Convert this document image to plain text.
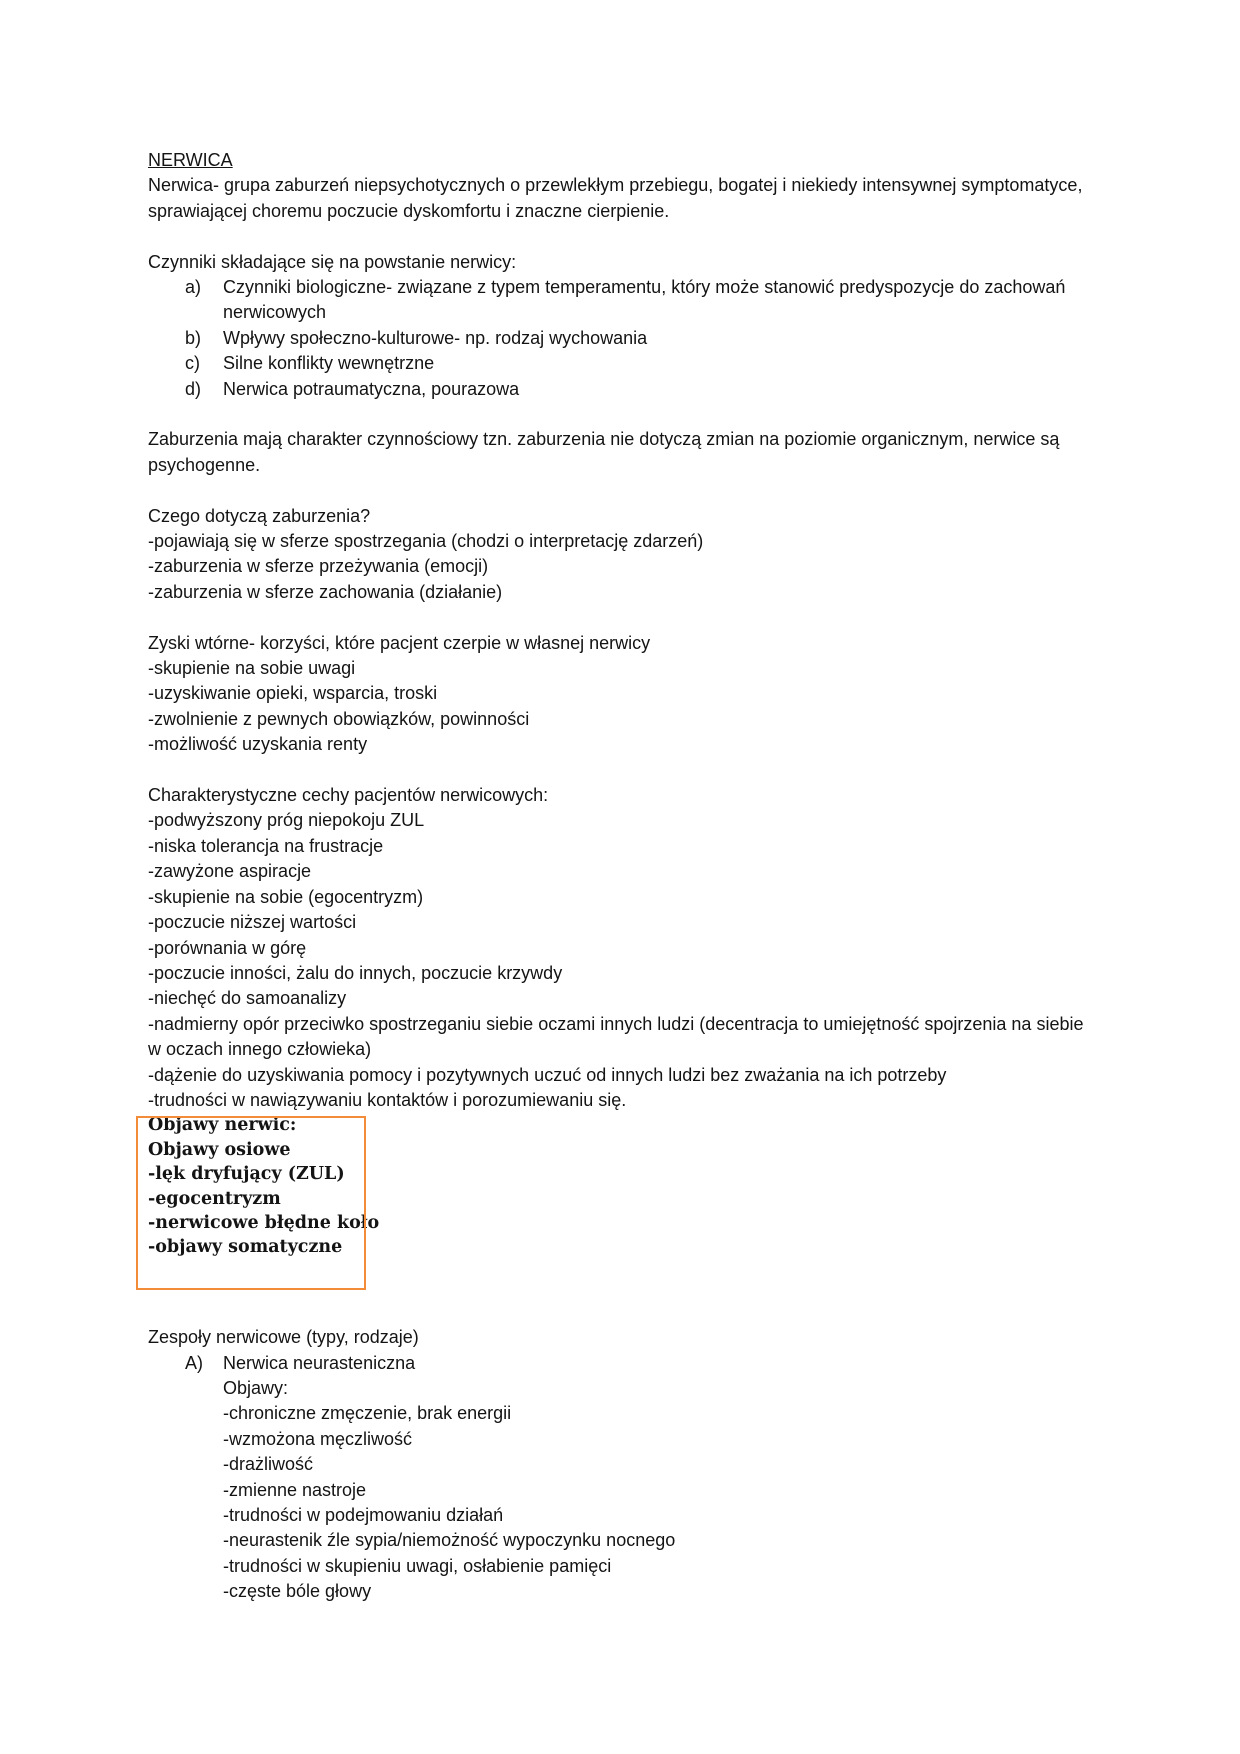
NERWICA

Nerwica- grupa zaburzeń niepsychotycznych o przewlekłym przebiegu, bogatej i niekiedy intensywnej symptomatyce, sprawiającej choremu poczucie dyskomfortu i znaczne cierpienie.

Czynniki składające się na powstanie nerwicy:

a)	Czynniki biologiczne- związane z typem temperamentu, który może stanowić predyspozycje do zachowań nerwicowych
b)	Wpływy społeczno-kulturowe- np. rodzaj wychowania
c)	Silne konflikty wewnętrzne
d)	Nerwica potraumatyczna, pourazowa

Zaburzenia mają charakter czynnościowy tzn. zaburzenia nie dotyczą zmian na poziomie organicznym, nerwice są psychogenne.

Czego dotyczą zaburzenia?

-pojawiają się w sferze spostrzegania (chodzi o interpretację zdarzeń)

-zaburzenia w sferze przeżywania (emocji)

-zaburzenia w sferze zachowania (działanie)

Zyski wtórne- korzyści, które pacjent czerpie w własnej nerwicy

-skupienie na sobie uwagi

-uzyskiwanie opieki, wsparcia, troski

-zwolnienie z pewnych obowiązków, powinności

-możliwość uzyskania renty

Charakterystyczne cechy pacjentów nerwicowych:

-podwyższony próg niepokoju ZUL

-niska tolerancja na frustracje

-zawyżone aspiracje

-skupienie na sobie (egocentryzm)

-poczucie niższej wartości

-porównania w górę

-poczucie inności, żalu do innych, poczucie krzywdy

-niechęć do samoanalizy

-nadmierny opór przeciwko spostrzeganiu siebie oczami innych ludzi (decentracja to umiejętność spojrzenia na siebie w oczach innego człowieka)

-dążenie do uzyskiwania pomocy i pozytywnych uczuć od innych ludzi bez zważania na ich potrzeby

-trudności w nawiązywaniu kontaktów i porozumiewaniu się.

Objawy nerwic:

Objawy osiowe

-lęk dryfujący (ZUL)

-egocentryzm

-nerwicowe błędne koło

-objawy somatyczne

Zespoły nerwicowe (typy, rodzaje)

A)	Nerwica neurasteniczna

Objawy:

-chroniczne zmęczenie, brak energii

-wzmożona męczliwość

-drażliwość

-zmienne nastroje

-trudności w podejmowaniu działań

-neurastenik źle sypia/niemożność wypoczynku nocnego

-trudności w skupieniu uwagi, osłabienie pamięci

-częste bóle głowy
